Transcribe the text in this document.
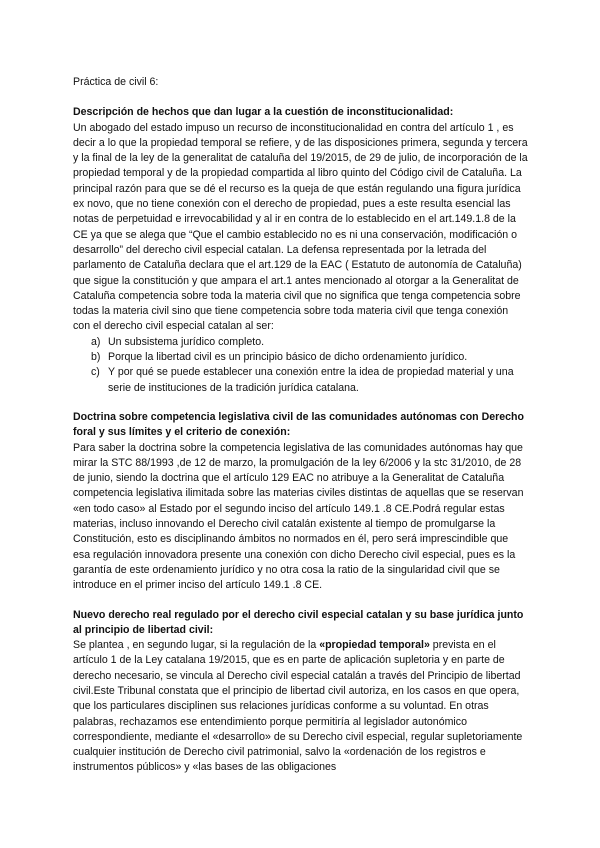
Práctica de civil 6:

Descripción de hechos que dan lugar a la cuestión de inconstitucionalidad:

Un abogado del estado impuso un recurso de inconstitucionalidad en contra del artículo 1 , es decir a lo que la propiedad temporal se refiere, y de las disposiciones primera, segunda y tercera y la final de la ley de la generalitat de cataluña del 19/2015, de 29 de julio, de incorporación de la propiedad temporal y de la propiedad compartida al libro quinto del Código civil de Cataluña. La principal razón para que se dé el recurso es la queja de que están regulando una figura jurídica ex novo, que no tiene conexión con el derecho de propiedad, pues a este resulta esencial las notas de perpetuidad e irrevocabilidad y al ir en contra de lo establecido en el art.149.1.8 de la CE ya que se alega que “Que el cambio establecido no es ni una conservación, modificación o desarrollo” del derecho civil especial catalan. La defensa representada por la letrada del parlamento de Cataluña declara que el art.129 de la EAC ( Estatuto de autonomía de Cataluña) que sigue la constitución y que ampara el art.1 antes mencionado al otorgar a la Generalitat de Cataluña competencia sobre toda la materia civil que no significa que tenga competencia sobre todas la materia civil sino que tiene competencia sobre toda materia civil que tenga conexión con el derecho civil especial catalan al ser:

a) Un subsistema jurídico completo.
b) Porque la libertad civil es un principio básico de dicho ordenamiento jurídico.
c) Y por qué se puede establecer una conexión entre la idea de propiedad material y una serie de instituciones de la tradición jurídica catalana.
Doctrina sobre competencia legislativa civil de las comunidades autónomas con Derecho foral y sus límites y el criterio de conexión:

Para saber la doctrina sobre la competencia legislativa de las comunidades autónomas hay que mirar la STC 88/1993 ,de 12 de marzo, la promulgación de la ley 6/2006 y la stc 31/2010, de 28 de junio, siendo la doctrina que el artículo 129 EAC no atribuye a la Generalitat de Cataluña competencia legislativa ilimitada sobre las materias civiles distintas de aquellas que se reservan «en todo caso» al Estado por el segundo inciso del artículo 149.1 .8 CE.Podrá regular estas materias, incluso innovando el Derecho civil catalán existente al tiempo de promulgarse la Constitución, esto es disciplinando ámbitos no normados en él, pero será imprescindible que esa regulación innovadora presente una conexión con dicho Derecho civil especial, pues es la garantía de este ordenamiento jurídico y no otra cosa la ratio de la singularidad civil que se introduce en el primer inciso del artículo 149.1 .8 CE.

Nuevo derecho real regulado por el derecho civil especial catalan y su base jurídica junto al principio de libertad civil:

Se plantea , en segundo lugar, si la regulación de la «propiedad temporal» prevista en el artículo 1 de la Ley catalana 19/2015, que es en parte de aplicación supletoria y en parte de derecho necesario, se vincula al Derecho civil especial catalán a través del Principio de libertad civil.Este Tribunal constata que el principio de libertad civil autoriza, en los casos en que opera, que los particulares disciplinen sus relaciones jurídicas conforme a su voluntad. En otras palabras, rechazamos ese entendimiento porque permitiría al legislador autonómico correspondiente, mediante el «desarrollo» de su Derecho civil especial, regular supletoriamente cualquier institución de Derecho civil patrimonial, salvo la «ordenación de los registros e instrumentos públicos» y «las bases de las obligaciones
